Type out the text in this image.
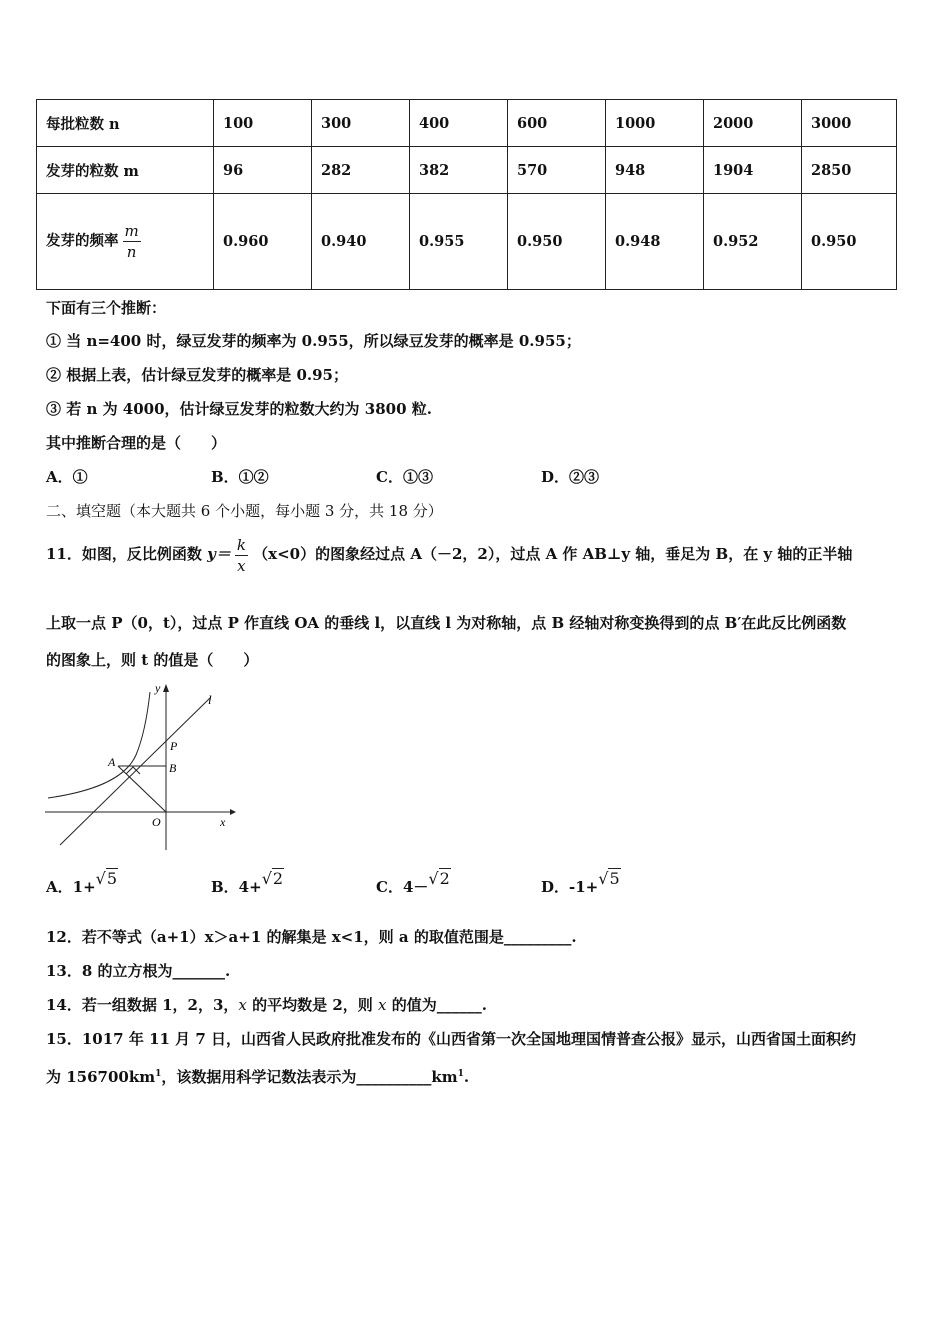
每批粒数 n	100	300	400	600	1000	2000	3000
发芽的粒数 m	96	282	382	570	948	1904	2850
发芽的频率 $\frac{m}{n}$	0.960	0.940	0.955	0.950	0.948	0.952	0.950
下面有三个推断：
① 当 n=400 时，绿豆发芽的频率为 0.955，所以绿豆发芽的概率是 0.955；
② 根据上表，估计绿豆发芽的概率是 0.95；
③ 若 n 为 4000，估计绿豆发芽的粒数大约为 3800 粒.
其中推断合理的是（　　）
A．①	B．①②	C．①③	D．②③
二、填空题（本大题共 6 个小题，每小题 3 分，共 18 分）
11．如图，反比例函数 $y= \frac{k}{x} (x<0)$的图象经过点 A（－2，2），过点 A 作 AB⊥y 轴，垂足为 B，在 y 轴的正半轴
上取一点 P（0，t），过点 P 作直线 OA 的垂线 l，以直线 l 为对称轴，点 B 经轴对称变换得到的点 B′在此反比例函数
的图象上，则 t 的值是（　　）
y
l
P
A	B
O	x
A．1+√5	B．4+√2	C．4－√2	D．-1+√5
12．若不等式（a+1）x＞a+1 的解集是 x<1，则 a 的取值范围是_________.
13．8 的立方根为_______.
14．若一组数据 1，2，3，x 的平均数是 2，则 x 的值为______.
15．1017 年 11 月 7 日，山西省人民政府批准发布的《山西省第一次全国地理国情普查公报》显示，山西省国土面积约
为 $156700km^1$，该数据用科学记数法表示为$\_\_\_\_\_\_\_\_\_\_km^1$.
